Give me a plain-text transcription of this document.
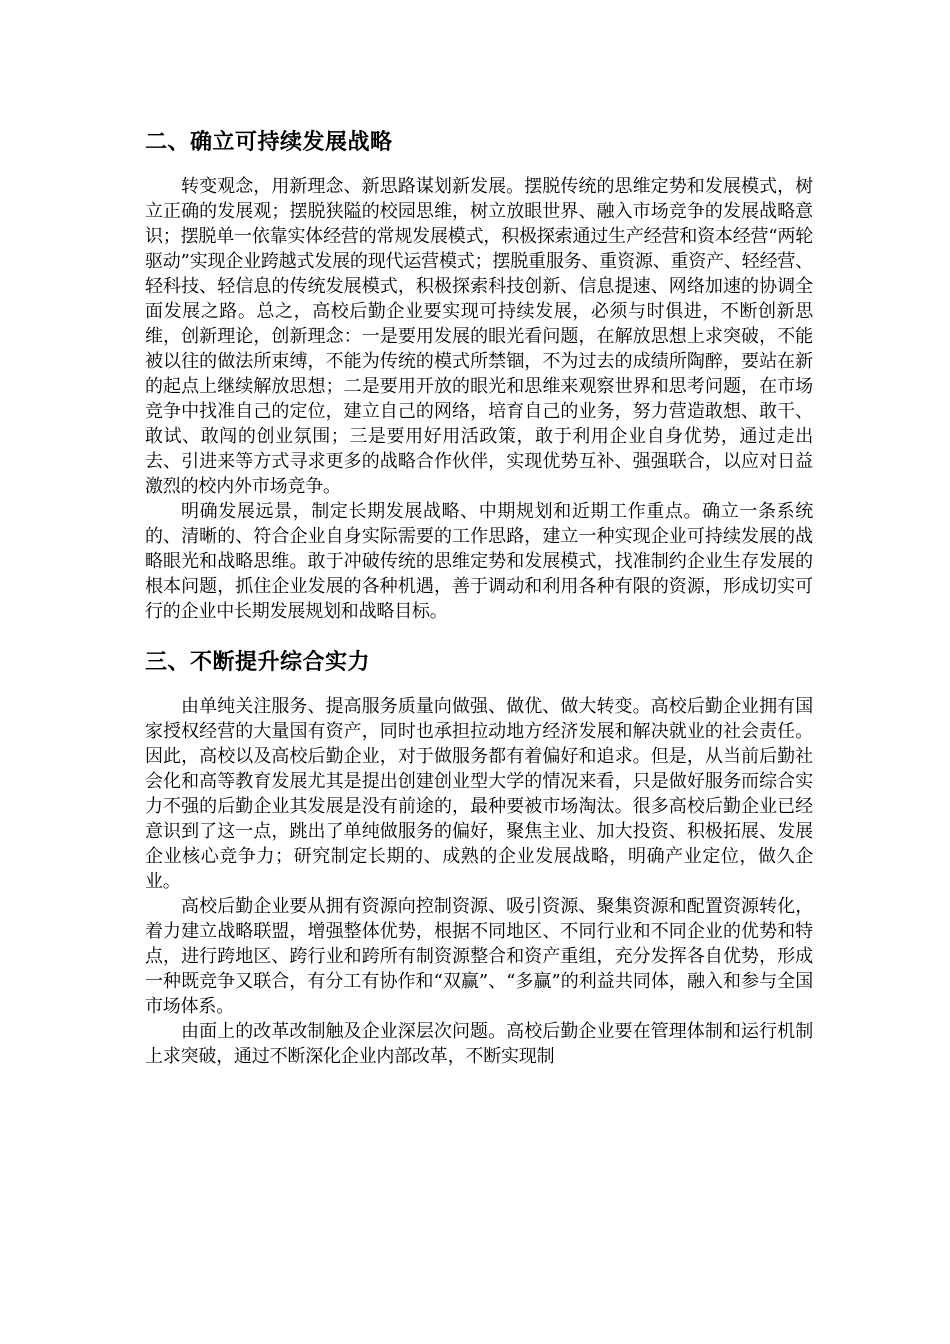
二、确立可持续发展战略

转变观念，用新理念、新思路谋划新发展。摆脱传统的思维定势和发展模式，树立正确的发展观；摆脱狭隘的校园思维，树立放眼世界、融入市场竞争的发展战略意识；摆脱单一依靠实体经营的常规发展模式，积极探索通过生产经营和资本经营“两轮驱动”实现企业跨越式发展的现代运营模式；摆脱重服务、重资源、重资产、轻经营、轻科技、轻信息的传统发展模式，积极探索科技创新、信息提速、网络加速的协调全面发展之路。总之，高校后勤企业要实现可持续发展，必须与时俱进，不断创新思维，创新理论，创新理念：一是要用发展的眼光看问题，在解放思想上求突破，不能被以往的做法所束缚，不能为传统的模式所禁锢，不为过去的成绩所陶醉，要站在新的起点上继续解放思想；二是要用开放的眼光和思维来观察世界和思考问题，在市场竞争中找准自己的定位，建立自己的网络，培育自己的业务，努力营造敢想、敢干、敢试、敢闯的创业氛围；三是要用好用活政策，敢于利用企业自身优势，通过走出去、引进来等方式寻求更多的战略合作伙伴，实现优势互补、强强联合，以应对日益激烈的校内外市场竞争。

明确发展远景，制定长期发展战略、中期规划和近期工作重点。确立一条系统的、清晰的、符合企业自身实际需要的工作思路，建立一种实现企业可持续发展的战略眼光和战略思维。敢于冲破传统的思维定势和发展模式，找准制约企业生存发展的根本问题，抓住企业发展的各种机遇，善于调动和利用各种有限的资源，形成切实可行的企业中长期发展规划和战略目标。

三、不断提升综合实力

由单纯关注服务、提高服务质量向做强、做优、做大转变。高校后勤企业拥有国家授权经营的大量国有资产，同时也承担拉动地方经济发展和解决就业的社会责任。因此，高校以及高校后勤企业，对于做服务都有着偏好和追求。但是，从当前后勤社会化和高等教育发展尤其是提出创建创业型大学的情况来看，只是做好服务而综合实力不强的后勤企业其发展是没有前途的，最种要被市场淘汰。很多高校后勤企业已经意识到了这一点，跳出了单纯做服务的偏好，聚焦主业、加大投资、积极拓展、发展企业核心竞争力；研究制定长期的、成熟的企业发展战略，明确产业定位，做久企业。

高校后勤企业要从拥有资源向控制资源、吸引资源、聚集资源和配置资源转化，着力建立战略联盟，增强整体优势，根据不同地区、不同行业和不同企业的优势和特点，进行跨地区、跨行业和跨所有制资源整合和资产重组，充分发挥各自优势，形成一种既竞争又联合，有分工有协作和“双赢”、“多赢”的利益共同体，融入和参与全国市场体系。

由面上的改革改制触及企业深层次问题。高校后勤企业要在管理体制和运行机制上求突破，通过不断深化企业内部改革，不断实现制
